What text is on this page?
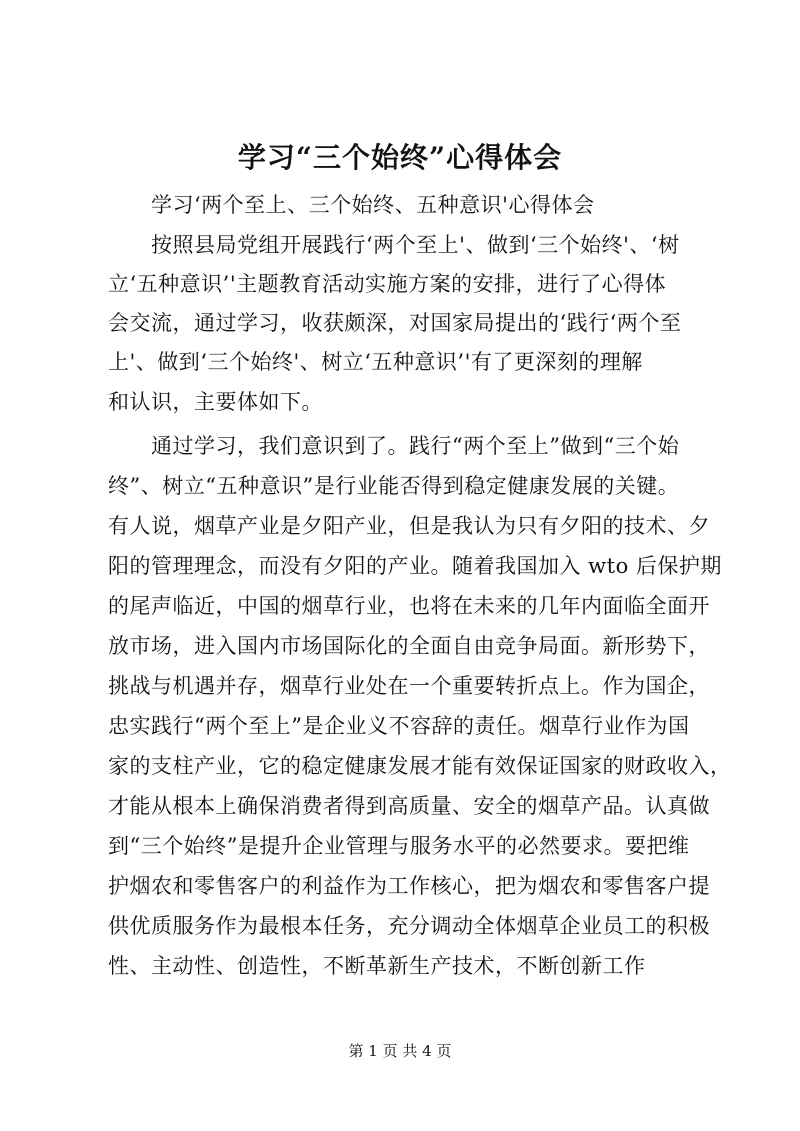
学习“三个始终”心得体会
　　学习‘两个至上、三个始终、五种意识'心得体会
　　按照县局党组开展践行‘两个至上'、做到‘三个始终'、‘树
立‘五种意识’'主题教育活动实施方案的安排，进行了心得体
会交流，通过学习，收获颇深，对国家局提出的‘践行‘两个至
上'、做到‘三个始终'、树立‘五种意识’'有了更深刻的理解
和认识，主要体如下。
　　通过学习，我们意识到了。践行“两个至上”做到“三个始
终”、树立“五种意识”是行业能否得到稳定健康发展的关键。
有人说，烟草产业是夕阳产业，但是我认为只有夕阳的技术、夕
阳的管理理念，而没有夕阳的产业。随着我国加入 wto 后保护期
的尾声临近，中国的烟草行业，也将在未来的几年内面临全面开
放市场，进入国内市场国际化的全面自由竞争局面。新形势下，
挑战与机遇并存，烟草行业处在一个重要转折点上。作为国企，
忠实践行“两个至上”是企业义不容辞的责任。烟草行业作为国
家的支柱产业，它的稳定健康发展才能有效保证国家的财政收入，
才能从根本上确保消费者得到高质量、安全的烟草产品。认真做
到“三个始终”是提升企业管理与服务水平的必然要求。要把维
护烟农和零售客户的利益作为工作核心，把为烟农和零售客户提
供优质服务作为最根本任务，充分调动全体烟草企业员工的积极
性、主动性、创造性，不断革新生产技术，不断创新工作
第 1 页 共 4 页
